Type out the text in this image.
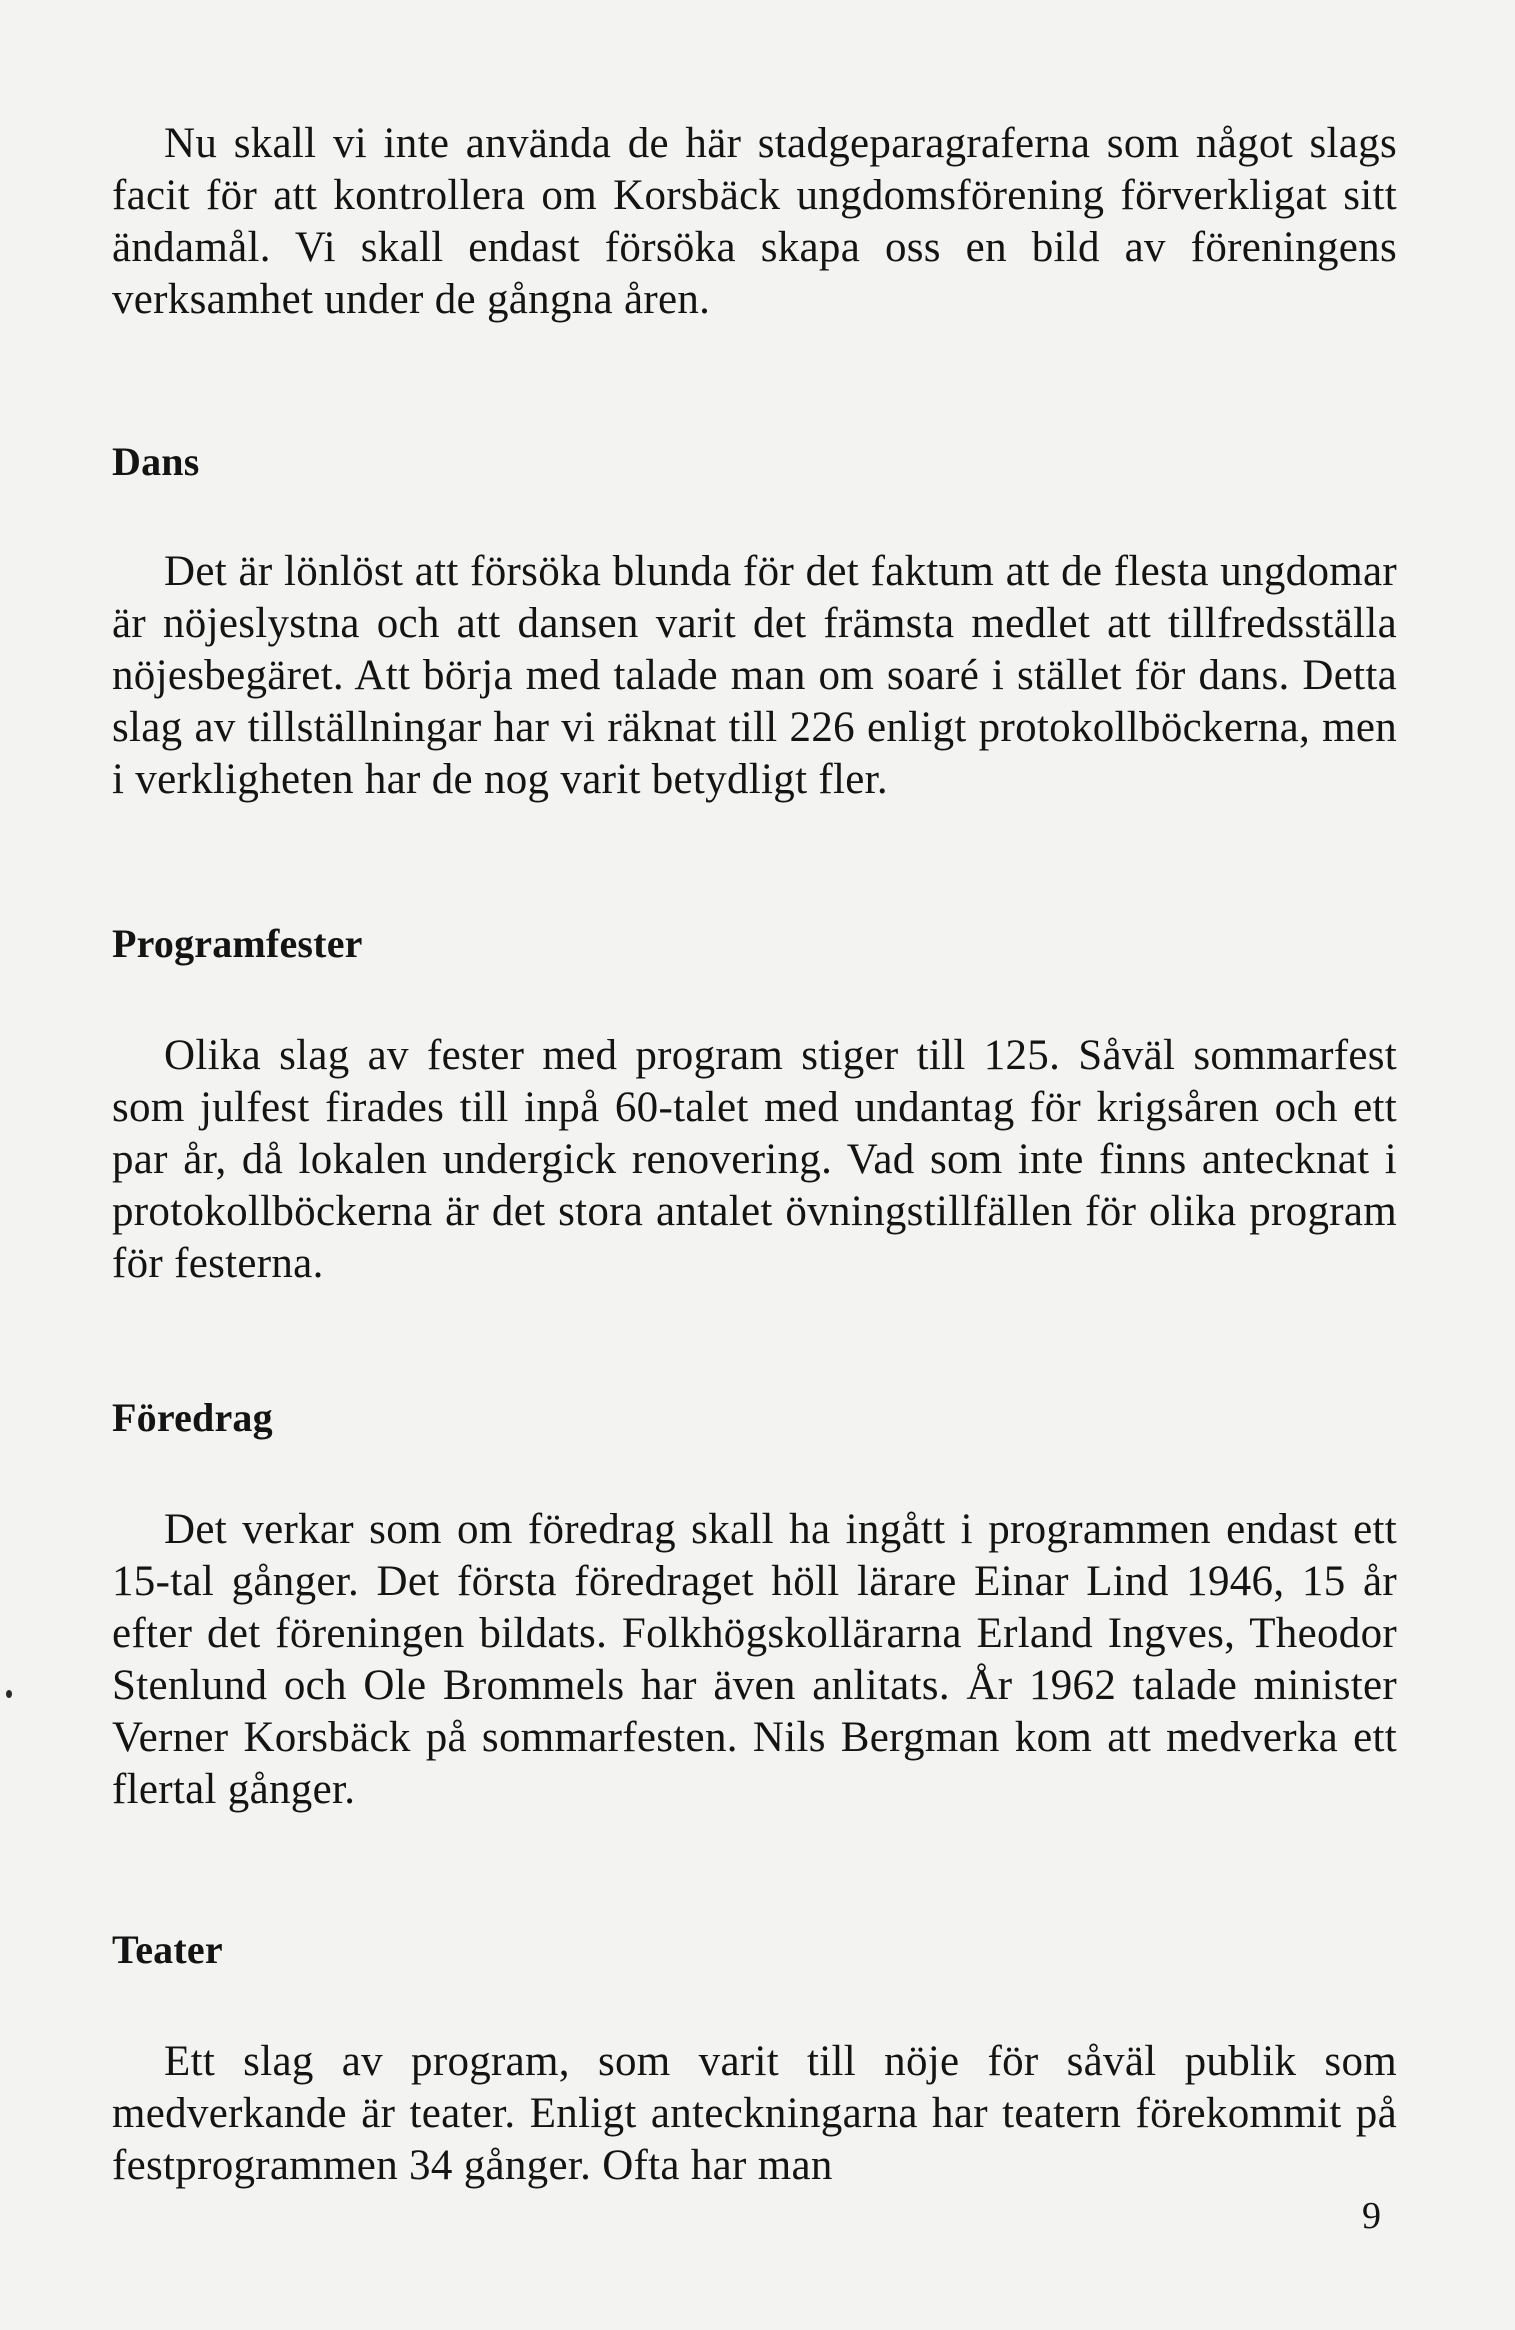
Nu skall vi inte använda de här stadgeparagraferna som något slags facit för att kontrollera om Korsbäck ungdomsförening förverkligat sitt ändamål. Vi skall endast försöka skapa oss en bild av föreningens verksamhet under de gångna åren.

Dans

Det är lönlöst att försöka blunda för det faktum att de flesta ungdomar är nöjeslystna och att dansen varit det främsta medlet att tillfredsställa nöjesbegäret. Att börja med talade man om soaré i stället för dans. Detta slag av tillställningar har vi räknat till 226 enligt protokollböckerna, men i verkligheten har de nog varit betydligt fler.

Programfester

Olika slag av fester med program stiger till 125. Såväl sommarfest som julfest firades till inpå 60-talet med undantag för krigsåren och ett par år, då lokalen undergick renovering. Vad som inte finns antecknat i protokollböckerna är det stora antalet övningstillfällen för olika program för festerna.

Föredrag

Det verkar som om föredrag skall ha ingått i programmen endast ett 15-tal gånger. Det första föredraget höll lärare Einar Lind 1946, 15 år efter det föreningen bildats. Folkhögskollärarna Erland Ingves, Theodor Stenlund och Ole Brommels har även anlitats. År 1962 talade minister Verner Korsbäck på sommarfesten. Nils Bergman kom att medverka ett flertal gånger.

Teater

Ett slag av program, som varit till nöje för såväl publik som medverkande är teater. Enligt anteckningarna har teatern förekommit på festprogrammen 34 gånger. Ofta har man

9
